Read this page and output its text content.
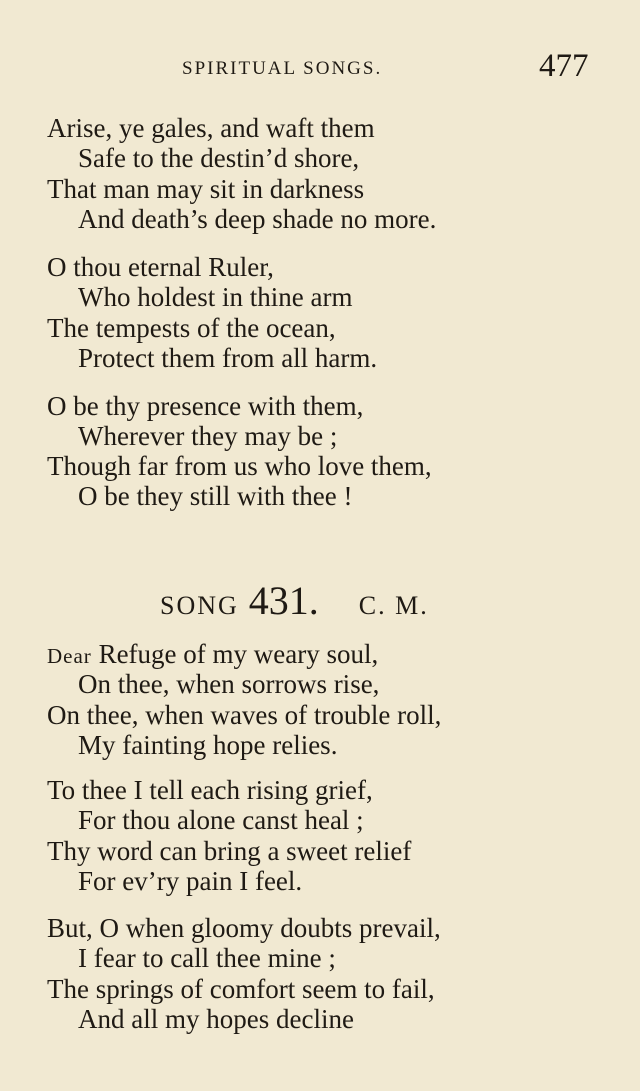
SPIRITUAL SONGS.	477
Arise, ye gales, and waft them
Safe to the destin’d shore,
That man may sit in darkness
And death’s deep shade no more.
O thou eternal Ruler,
Who holdest in thine arm
The tempests of the ocean,
Protect them from all harm.
O be thy presence with them,
Wherever they may be ;
Though far from us who love them,
O be they still with thee !
SONG 431. C. M.
Dear Refuge of my weary soul,
On thee, when sorrows rise,
On thee, when waves of trouble roll,
My fainting hope relies.
To thee I tell each rising grief,
For thou alone canst heal ;
Thy word can bring a sweet relief
For ev’ry pain I feel.
But, O when gloomy doubts prevail,
I fear to call thee mine ;
The springs of comfort seem to fail,
And all my hopes decline
